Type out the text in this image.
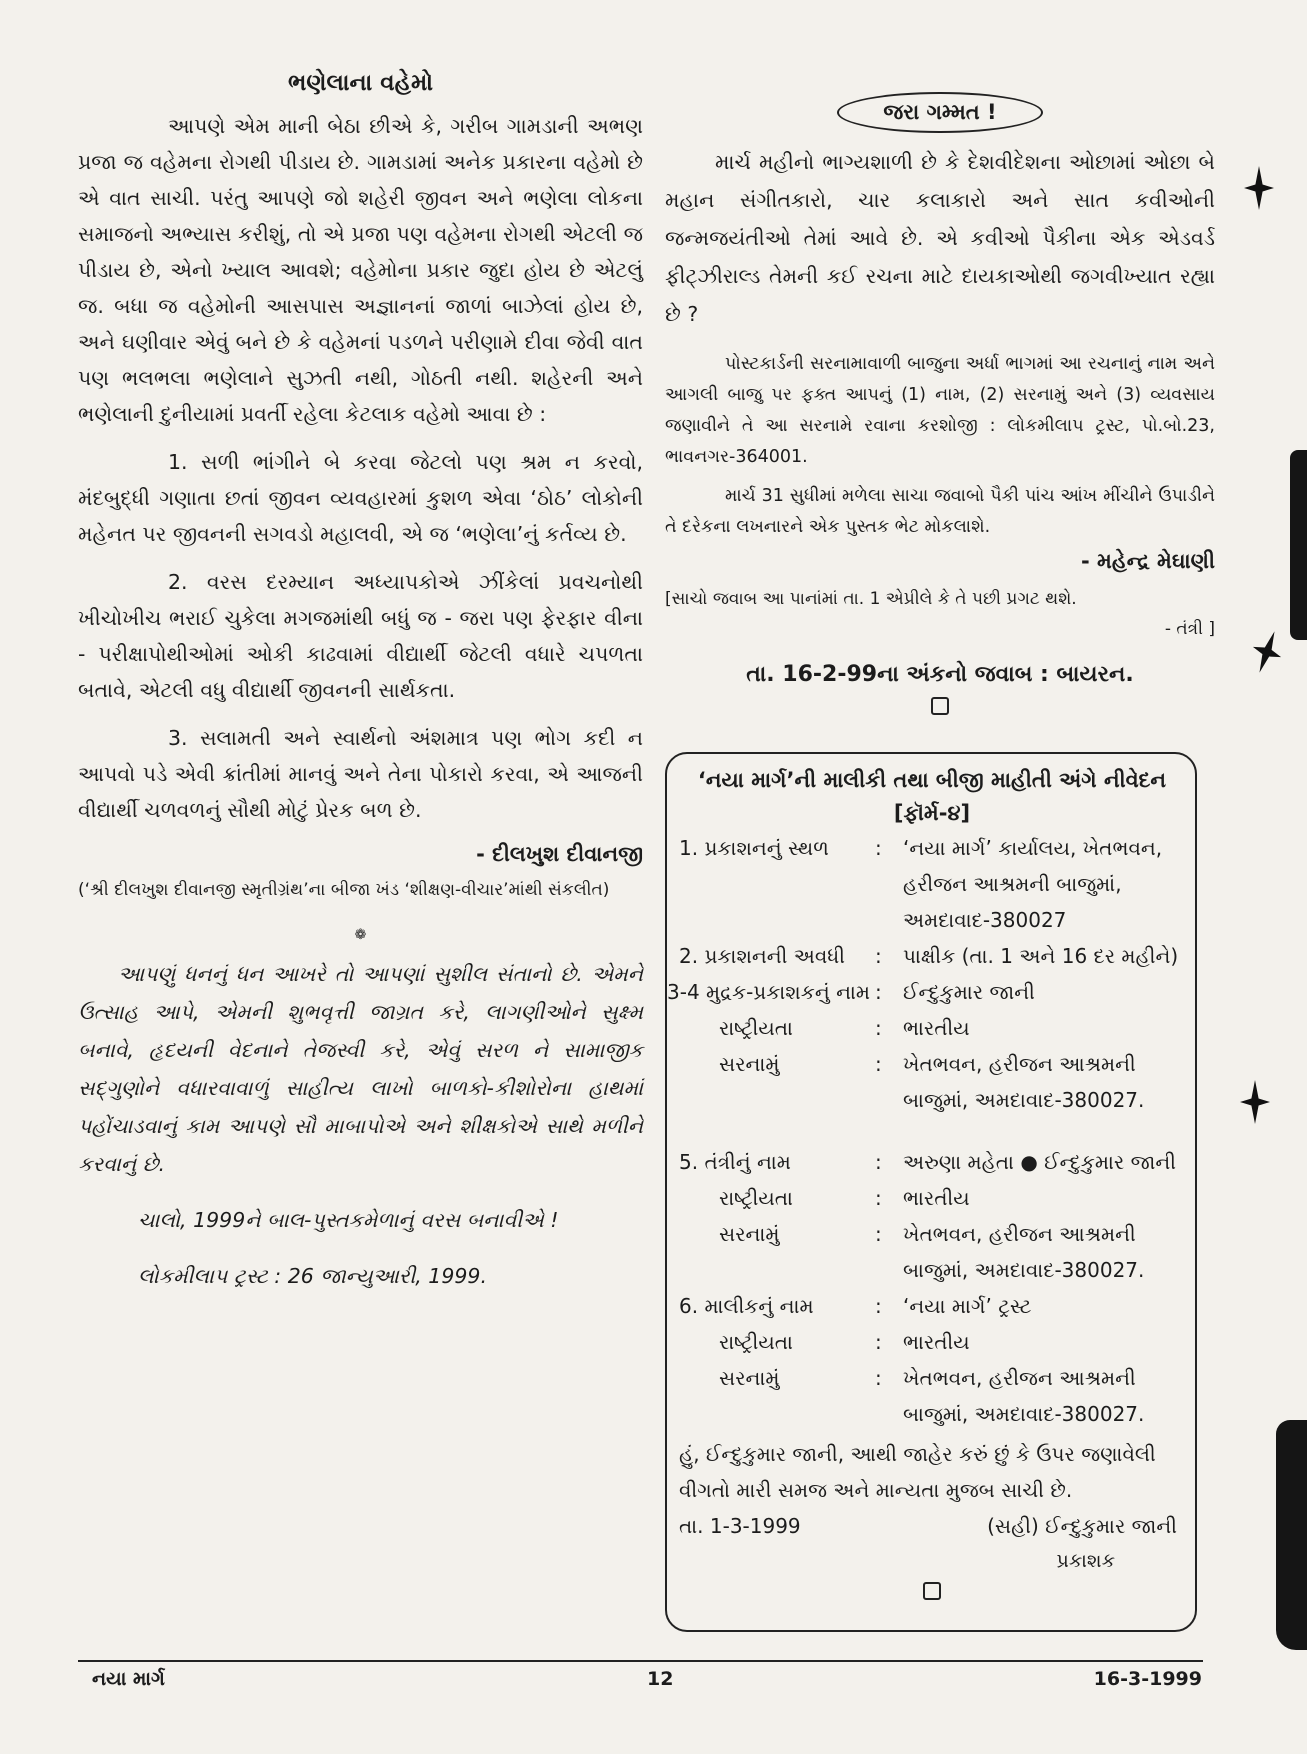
ભણેલાના વહેમો

આપણે એમ માની બેઠા છીએ કે, ગરીબ ગામડાની અભણ પ્રજા જ વહેમના રોગથી પીડાય છે. ગામડામાં અનેક પ્રકારના વહેમો છે એ વાત સાચી. પરંતુ આપણે જો શહેરી જીવન અને ભણેલા લોકના સમાજનો અભ્યાસ કરીશું, તો એ પ્રજા પણ વહેમના રોગથી એટલી જ પીડાય છે, એનો ખ્યાલ આવશે; વહેમોના પ્રકાર જુદા હોય છે એટલું જ. બધા જ વહેમોની આસપાસ અજ્ઞાનનાં જાળાં બાઝેલાં હોય છે, અને ઘણીવાર એવું બને છે કે વહેમનાં પડળને પરીણામે દીવા જેવી વાત પણ ભલભલા ભણેલાને સુઝતી નથી, ગોઠતી નથી. શહેરની અને ભણેલાની દુનીયામાં પ્રવર્તી રહેલા કેટલાક વહેમો આવા છે :

1. સળી ભાંગીને બે કરવા જેટલો પણ શ્રમ ન કરવો, મંદબુદ્ધી ગણાતા છતાં જીવન વ્યવહારમાં કુશળ એવા ‘ઠોઠ’ લોકોની મહેનત પર જીવનની સગવડો મહાલવી, એ જ ‘ભણેલા’નું કર્તવ્ય છે.

2. વરસ દરમ્યાન અધ્યાપકોએ ઝીંકેલાં પ્રવચનોથી ખીચોખીચ ભરાઈ ચુકેલા મગજમાંથી બધું જ - જરા પણ ફેરફાર વીના - પરીક્ષાપોથીઓમાં ઓકી કાઢવામાં વીદ્યાર્થી જેટલી વધારે ચપળતા બતાવે, એટલી વધુ વીદ્યાર્થી જીવનની સાર્થકતા.

3. સલામતી અને સ્વાર્થનો અંશમાત્ર પણ ભોગ કદી ન આપવો પડે એવી ક્રાંતીમાં માનવું અને તેના પોકારો કરવા, એ આજની વીદ્યાર્થી ચળવળનું સૌથી મોટું પ્રેરક બળ છે.

- દીલખુશ દીવાનજી
(‘શ્રી દીલખુશ દીવાનજી સ્મૃતીગ્રંથ’ના બીજા ખંડ ‘શીક્ષણ-વીચાર’માંથી સંકલીત)
❁

આપણું ધનનું ધન આખરે તો આપણાં સુશીલ સંતાનો છે. એમને ઉત્સાહ આપે, એમની શુભવૃત્તી જાગ્રત કરે, લાગણીઓને સુક્ષ્મ બનાવે, હૃદયની વેદનાને તેજસ્વી કરે, એવું સરળ ને સામાજીક સદ્‌ગુણોને વધારવાવાળું સાહીત્ય લાખો બાળકો-કીશોરોના હાથમાં પહોંચાડવાનું કામ આપણે સૌ માબાપોએ અને શીક્ષકોએ સાથે મળીને કરવાનું છે.

ચાલો, 1999ને બાલ-પુસ્તકમેળાનું વરસ બનાવીએ !

લોકમીલાપ ટ્રસ્ટ : 26 જાન્યુઆરી, 1999.

જરા ગમ્મત !

માર્ચ મહીનો ભાગ્યશાળી છે કે દેશવીદેશના ઓછામાં ઓછા બે મહાન સંગીતકારો, ચાર કલાકારો અને સાત કવીઓની જન્મજયંતીઓ તેમાં આવે છે. એ કવીઓ પૈકીના એક એડવર્ડ ફીટ્ઝીરાલ્ડ તેમની કઈ રચના માટે દાયકાઓથી જગવીખ્યાત રહ્યા છે ?

પોસ્ટકાર્ડની સરનામાવાળી બાજુના અર્ધા ભાગમાં આ રચનાનું નામ અને આગલી બાજુ પર ફક્ત આપનું (1) નામ, (2) સરનામું અને (3) વ્યવસાય જણાવીને તે આ સરનામે રવાના કરશોજી : લોકમીલાપ ટ્રસ્ટ, પો.બો.23, ભાવનગર-364001.

માર્ચ 31 સુધીમાં મળેલા સાચા જવાબો પૈકી પાંચ આંખ મીંચીને ઉપાડીને તે દરેકના લખનારને એક પુસ્તક ભેટ મોકલાશે.

- મહેન્દ્ર મેઘાણી
[સાચો જવાબ આ પાનાંમાં તા. 1 એપ્રીલે કે તે પછી પ્રગટ થશે.
- તંત્રી ]
તા. 16-2-99ના અંકનો જવાબ : બાયરન.
‘નયા માર્ગ’ની માલીકી તથા બીજી માહીતી અંગે નીવેદન
[ફૉર્મ-૪]
1. પ્રકાશનનું સ્થળ	:	‘નયા માર્ગ’ કાર્યાલય, ખેતભવન, હરીજન આશ્રમની બાજુમાં, અમદાવાદ-380027
2. પ્રકાશનની અવધી	:	પાક્ષીક (તા. 1 અને 16 દર મહીને)
3-4 મુદ્રક-પ્રકાશકનું નામ :	ઈન્દુકુમાર જાની
રાષ્ટ્રીયતા	:	ભારતીય
સરનામું	:	ખેતભવન, હરીજન આશ્રમની બાજુમાં, અમદાવાદ-380027.
5. તંત્રીનું નામ	:	અરુણા મહેતા ● ઈન્દુકુમાર જાની
રાષ્ટ્રીયતા	:	ભારતીય
સરનામું	:	ખેતભવન, હરીજન આશ્રમની બાજુમાં, અમદાવાદ-380027.
6. માલીકનું નામ	:	‘નયા માર્ગ’ ટ્રસ્ટ
રાષ્ટ્રીયતા	:	ભારતીય
સરનામું	:	ખેતભવન, હરીજન આશ્રમની બાજુમાં, અમદાવાદ-380027.
હું, ઈન્દુકુમાર જાની, આથી જાહેર કરું છું કે ઉપર જણાવેલી વીગતો મારી સમજ અને માન્યતા મુજબ સાચી છે.
તા. 1-3-1999	(સહી) ઈન્દુકુમાર જાની
પ્રકાશક
નયા માર્ગ	12	16-3-1999
